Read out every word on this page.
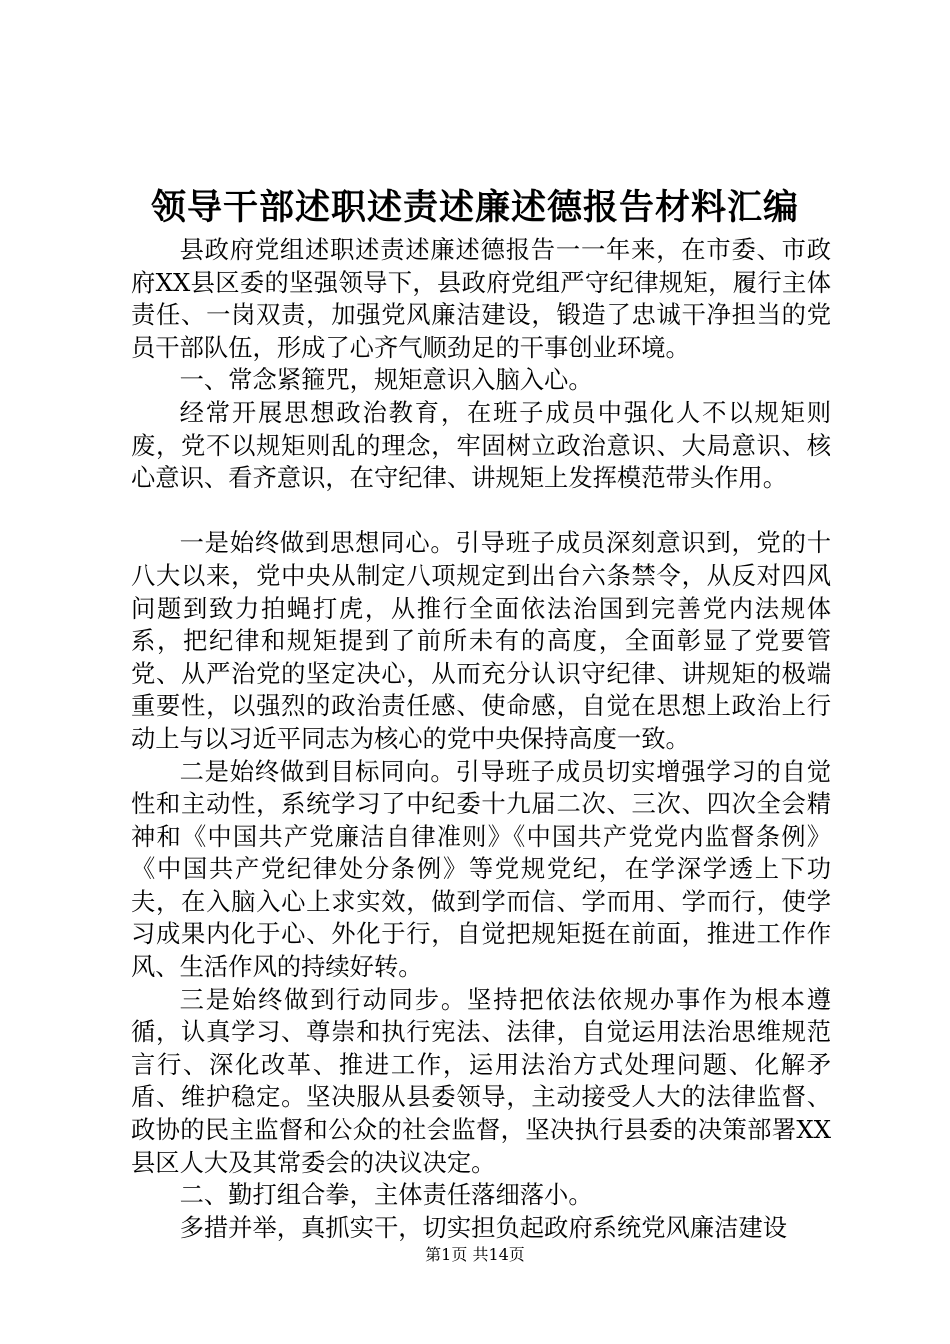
领导干部述职述责述廉述德报告材料汇编

县政府党组述职述责述廉述德报告一一年来，在市委、市政府XX县区委的坚强领导下，县政府党组严守纪律规矩，履行主体责任、一岗双责，加强党风廉洁建设，锻造了忠诚干净担当的党员干部队伍，形成了心齐气顺劲足的干事创业环境。

一、常念紧箍咒，规矩意识入脑入心。

经常开展思想政治教育，在班子成员中强化人不以规矩则废，党不以规矩则乱的理念，牢固树立政治意识、大局意识、核心意识、看齐意识，在守纪律、讲规矩上发挥模范带头作用。

一是始终做到思想同心。引导班子成员深刻意识到，党的十八大以来，党中央从制定八项规定到出台六条禁令，从反对四风问题到致力拍蝇打虎，从推行全面依法治国到完善党内法规体系，把纪律和规矩提到了前所未有的高度，全面彰显了党要管党、从严治党的坚定决心，从而充分认识守纪律、讲规矩的极端重要性，以强烈的政治责任感、使命感，自觉在思想上政治上行动上与以习近平同志为核心的党中央保持高度一致。

二是始终做到目标同向。引导班子成员切实增强学习的自觉性和主动性，系统学习了中纪委十九届二次、三次、四次全会精神和《中国共产党廉洁自律准则》《中国共产党党内监督条例》《中国共产党纪律处分条例》等党规党纪，在学深学透上下功夫，在入脑入心上求实效，做到学而信、学而用、学而行，使学习成果内化于心、外化于行，自觉把规矩挺在前面，推进工作作风、生活作风的持续好转。

三是始终做到行动同步。坚持把依法依规办事作为根本遵循，认真学习、尊崇和执行宪法、法律，自觉运用法治思维规范言行、深化改革、推进工作，运用法治方式处理问题、化解矛盾、维护稳定。坚决服从县委领导，主动接受人大的法律监督、政协的民主监督和公众的社会监督，坚决执行县委的决策部署XX县区人大及其常委会的决议决定。

二、勤打组合拳，主体责任落细落小。

多措并举，真抓实干，切实担负起政府系统党风廉洁建设

第1页 共14页
